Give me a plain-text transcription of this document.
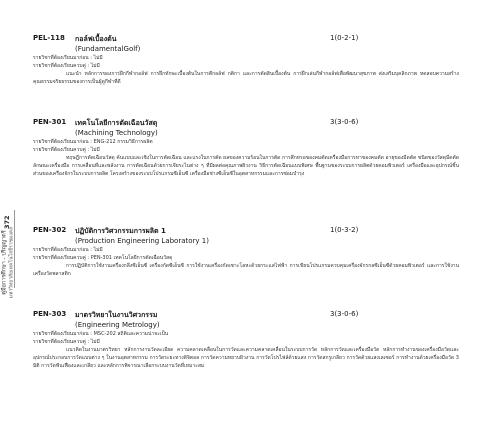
372
คู่มือการศึกษา - ปริญญาตรี มหาวิทยาลัยเทคโนโลยีราชมงคล
PEL-118 กอล์ฟเบื้องต้น	1(0-2-1)
(FundamentalGolf)
รายวิชาที่ต้องเรียนมาก่อน : ไม่มี
รายวิชาที่ต้องเรียนควบคู่ : ไม่มี
แนะนำ หลักการของการฝึกกีฬากอล์ฟ การฝึกทักษะเบื้องต้นในการตีกอล์ฟ กติกา และการตัดสินเบื้องต้น การฝึกเล่นกีฬากอล์ฟเพื่อพัฒนาสุขภาพ ส่งเสริมบุคลิกภาพ ทดสอบความสร้างคุณธรรมจริยธรรมของการเป็นผู้ดูกีฬาที่ดี
PEN-301 เทคโนโลยีการตัดเฉือนวัสดุ	3(3-0-6)
(Machining Technology)
รายวิชาที่ต้องเรียนมาก่อน : ENG-212 กรรมวิธีการผลิต
รายวิชาที่ต้องเรียนควบคู่ : ไม่มี
ทฤษฎีการตัดเฉือนวัสดุ ค้นแบบและเชิงในการตัดเฉือน และแรงในการตัด ผลของความร้อนในการตัด การสึกหรอของคมตัดเครื่องมือการหาของคมตัด อายุของมีดตัด ชนิดของวัสดุมีดตัด ลักษณะเครื่องมือ การเคลื่อนที่และพลังงาน การตัดเฉือนด้วยการเจียระไนต่าง ๆ ที่มีผลต่อคุณภาพผิวงาน วิธีการตัดเฉือนแบบพิเศษ พื้นฐานของระบบการผลิตด้วยคอมพิวเตอร์ เครื่องมือและอุปกรณ์ชิ้นส่วนของเครื่องจักรในระบบการผลิต โครงสร้างของระบบโปรแกรมซีเอ็นซี เครื่องมือช่างซีเอ็นซีในอุตสาหกรรมและการซ่อมบำรุง
PEN-302 ปฏิบัติการวิศวกรรมการผลิต 1	1(0-3-2)
(Production Engineering Laboratory 1)
รายวิชาที่ต้องเรียนมาก่อน : ไม่มี
รายวิชาที่ต้องเรียนควบคู่ : PEN-301 เทคโนโลยีการตัดเฉือนวัสดุ
การปฏิบัติการใช้งานเครื่องกลึงซีเอ็นซี เครื่องกัดซีเอ็นซี การใช้งานเครื่องกัดเซาะโลหะด้วยกระแสไฟฟ้า การเขียนโปรแกรมควบคุมเครื่องจักรกลซีเอ็นซีด้วยคอมพิวเตอร์ และการใช้งานเครื่องวัดพลาสติก
PEN-303 มาตรวิทยาในงานวิศวกรรม	3(3-0-6)
(Engineering Metrology)
รายวิชาที่ต้องเรียนมาก่อน : MSC-202 สถิติและความน่าจะเป็น
รายวิชาที่ต้องเรียนควบคู่ : ไม่มี
แนวคิดในงานมาตรวิทยา หลักการงานวัดละเอียด ความคลาดเคลื่อนในการวัดและความคลาดเคลื่อนในระบบการวัด หลักการวัดและเครื่องมือวัด หลักการทำงานของเครื่องมือวัดและอุปกรณ์ประกอบการวัดแบบต่าง ๆ ในงานอุตสาหกรรม การวัดระยะทางดิจิตอล การวัดความหยาบผิวงาน การวัดโปรไฟล์ด้วยแสง การวัดสกรูเกลียว การวัดด้วยแสงเลเซอร์ การทำงานด้วยเครื่องมือวัด 3 มิติ การวัดฟันเฟืองและเกลียว และหลักการพิจารณาเลือกระบบงานวัดที่เหมาะสม
